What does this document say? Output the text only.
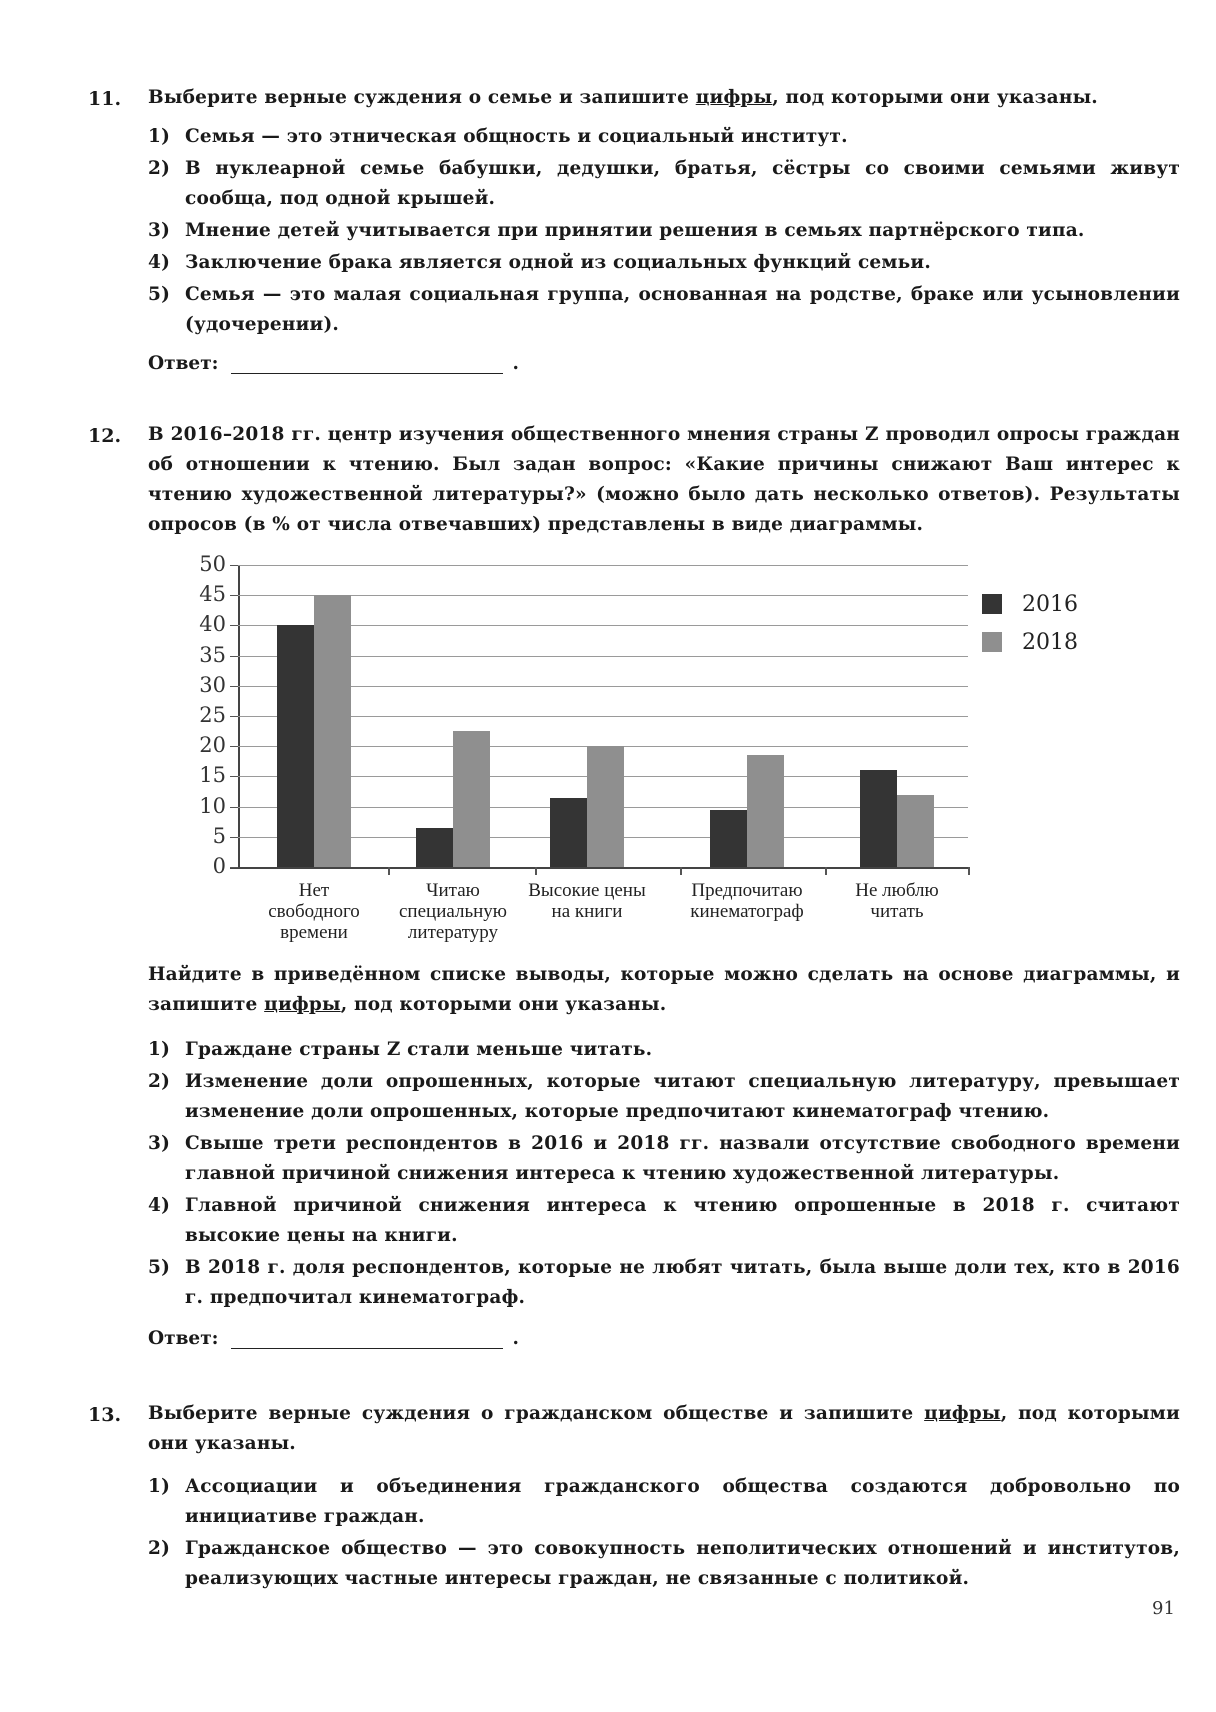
11. Выберите верные суждения о семье и запишите цифры, под которыми они указаны.
1) Семья — это этническая общность и социальный институт.
2) В нуклеарной семье бабушки, дедушки, братья, сёстры со своими семьями живут сообща, под одной крышей.
3) Мнение детей учитывается при принятии решения в семьях партнёрского типа.
4) Заключение брака является одной из социальных функций семьи.
5) Семья — это малая социальная группа, основанная на родстве, браке или усыновлении (удочерении).
Ответ:	.
12. В 2016–2018 гг. центр изучения общественного мнения страны Z проводил опросы граждан об отношении к чтению. Был задан вопрос: «Какие причины снижают Ваш интерес к чтению художественной литературы?» (можно было дать несколько ответов). Результаты опросов (в % от числа отвечавших) представлены в виде диаграммы.
2016
2018
50
45
40
35
30
25
20
15
10
5
0
Нет
свободного
времени
Читаю
специальную
литературу
Высокие цены
на книги
Предпочитаю
кинематограф
Не люблю
читать
Найдите в приведённом списке выводы, которые можно сделать на основе диаграммы, и запишите цифры, под которыми они указаны.
1) Граждане страны Z стали меньше читать.
2) Изменение доли опрошенных, которые читают специальную литературу, превышает изменение доли опрошенных, которые предпочитают кинематограф чтению.
3) Свыше трети респондентов в 2016 и 2018 гг. назвали отсутствие свободного времени главной причиной снижения интереса к чтению художественной литературы.
4) Главной причиной снижения интереса к чтению опрошенные в 2018 г. считают высокие цены на книги.
5) В 2018 г. доля респондентов, которые не любят читать, была выше доли тех, кто в 2016 г. предпочитал кинематограф.
Ответ:	.
13. Выберите верные суждения о гражданском обществе и запишите цифры, под которыми они указаны.
1) Ассоциации и объединения гражданского общества создаются добровольно по инициативе граждан.
2) Гражданское общество — это совокупность неполитических отношений и институтов, реализующих частные интересы граждан, не связанные с политикой.
91
